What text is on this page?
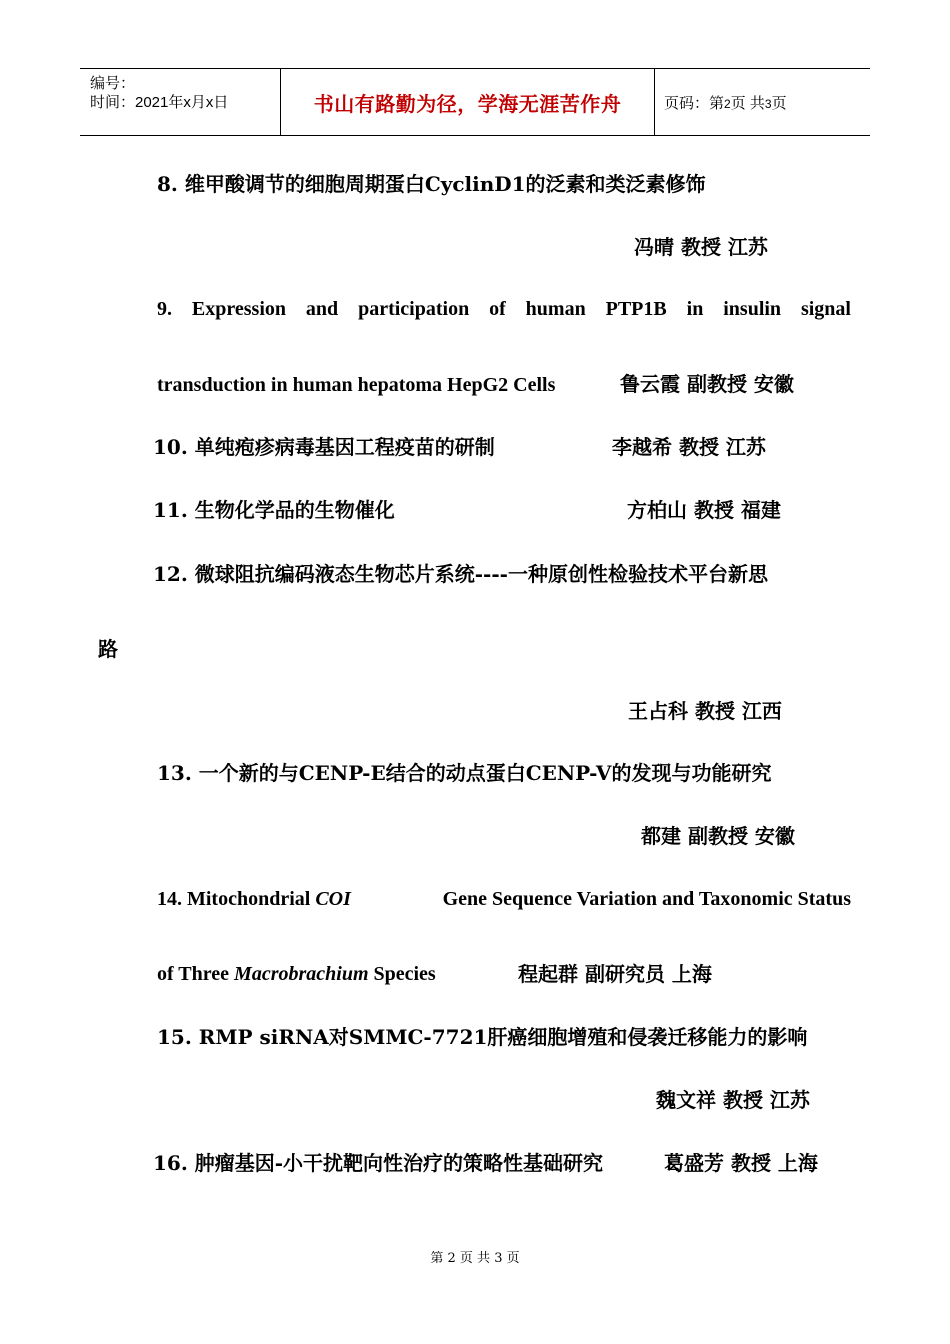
编号：
时间：2021年x月x日	书山有路勤为径，学海无涯苦作舟	页码：第2页 共3页
8. 维甲酸调节的细胞周期蛋白CyclinD1的泛素和类泛素修饰
冯晴 教授 江苏
9. Expression and participation of human PTP1B in insulin signal
transduction in human hepatoma HepG2 Cells	鲁云霞 副教授 安徽
10. 单纯疱疹病毒基因工程疫苗的研制	李越希 教授 江苏
11. 生物化学品的生物催化	方柏山 教授 福建
12. 微球阻抗编码液态生物芯片系统----一种原创性检验技术平台新思
路
王占科 教授 江西
13. 一个新的与CENP-E结合的动点蛋白CENP-V的发现与功能研究
都建 副教授 安徽
14. Mitochondrial COI	Gene Sequence Variation and Taxonomic Status
of Three Macrobrachium Species	程起群 副研究员 上海
15. RMP siRNA对SMMC-7721肝癌细胞增殖和侵袭迁移能力的影响
魏文祥 教授 江苏
16. 肿瘤基因-小干扰靶向性治疗的策略性基础研究	葛盛芳 教授 上海
第 2 页 共 3 页
